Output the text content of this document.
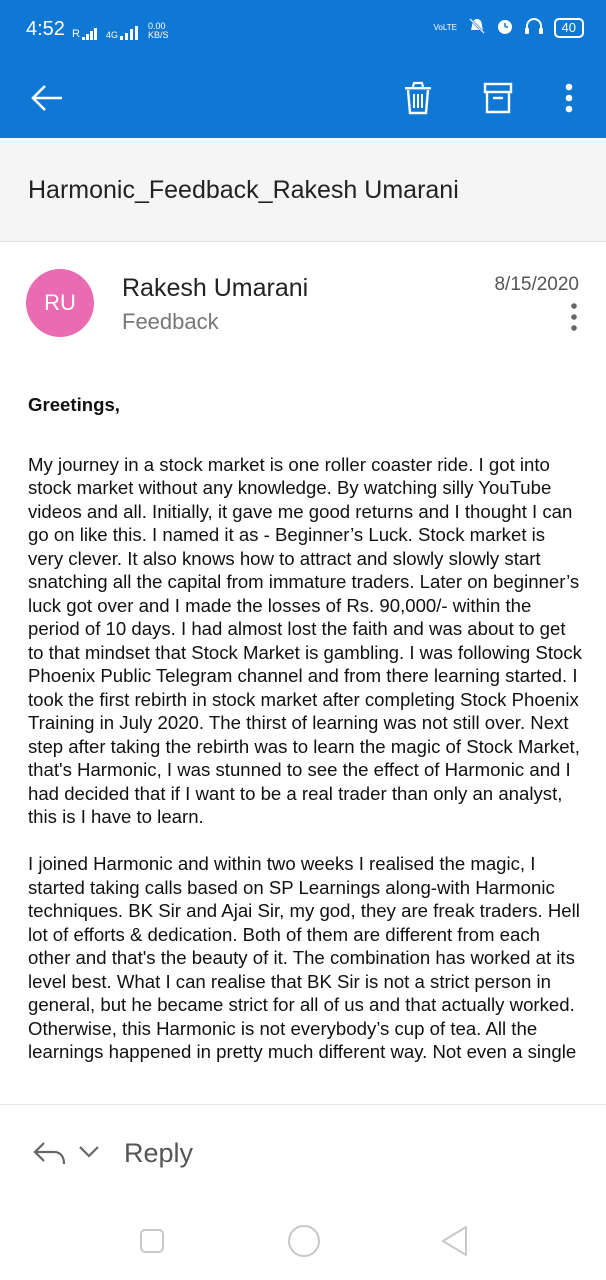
4:52 R	4G
0.00 KB/S
VoLTE	40
Harmonic_Feedback_Rakesh Umarani
RU
Rakesh Umarani
Feedback
8/15/2020

Greetings,

My journey in a stock market is one roller coaster ride. I got into stock market without any knowledge. By watching silly YouTube videos and all. Initially, it gave me good returns and I thought I can go on like this. I named it as - Beginner’s Luck. Stock market is very clever. It also knows how to attract and slowly slowly start snatching all the capital from immature traders. Later on beginner’s luck got over and I made the losses of Rs. 90,000/- within the period of 10 days. I had almost lost the faith and was about to get to that mindset that Stock Market is gambling. I was following Stock Phoenix Public Telegram channel and from there learning started. I took the first rebirth in stock market after completing Stock Phoenix Training in July 2020. The thirst of learning was not still over. Next step after taking the rebirth was to learn the magic of Stock Market, that's Harmonic, I was stunned to see the effect of Harmonic and I had decided that if I want to be a real trader than only an analyst, this is I have to learn.

I joined Harmonic and within two weeks I realised the magic, I started taking calls based on SP Learnings along-with Harmonic techniques. BK Sir and Ajai Sir, my god, they are freak traders. Hell lot of efforts & dedication. Both of them are different from each other and that's the beauty of it. The combination has worked at its level best. What I can realise that BK Sir is not a strict person in general, but he became strict for all of us and that actually worked. Otherwise, this Harmonic is not everybody’s cup of tea. All the learnings happened in pretty much different way. Not even a single

Reply
